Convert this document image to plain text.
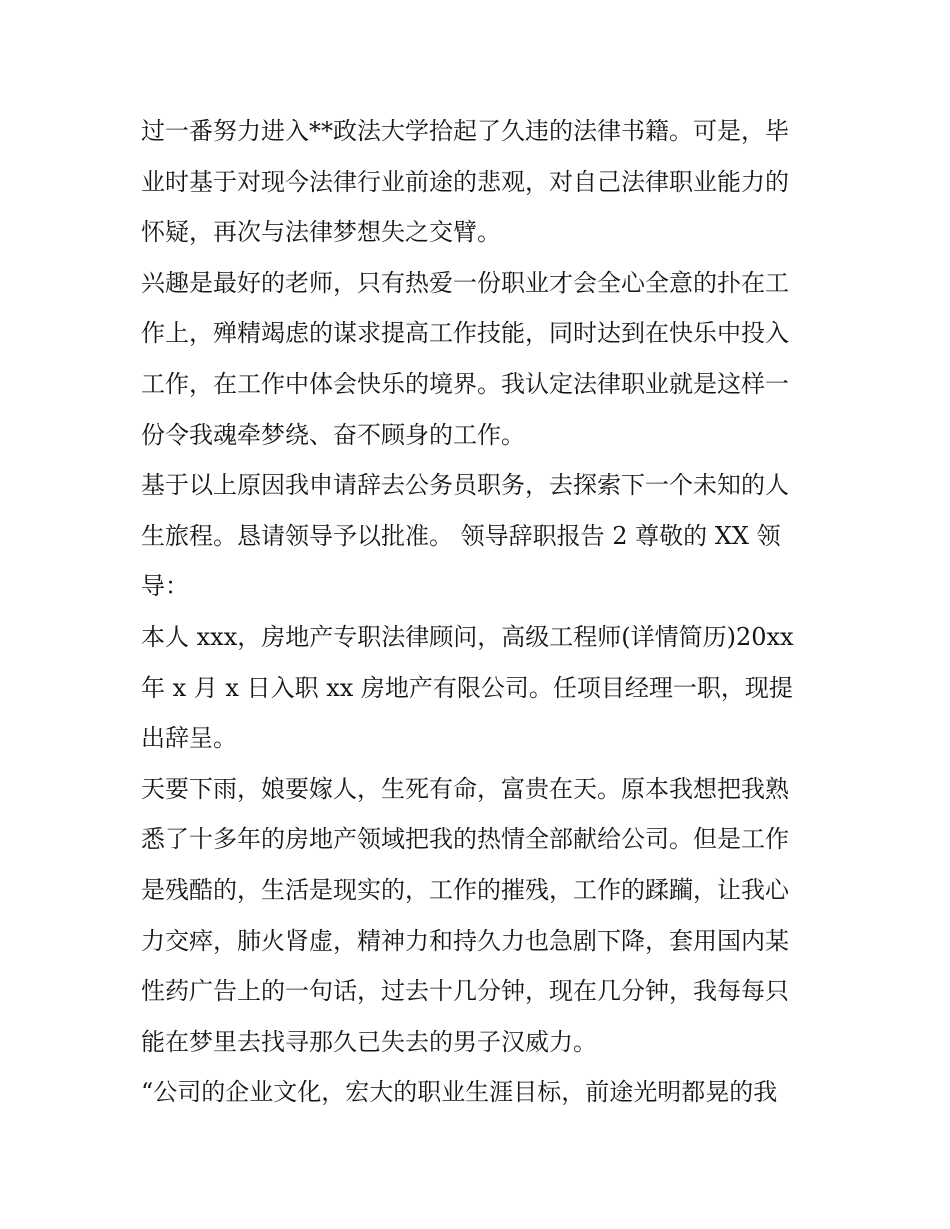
过一番努力进入**政法大学拾起了久违的法律书籍。可是，毕
业时基于对现今法律行业前途的悲观，对自己法律职业能力的
怀疑，再次与法律梦想失之交臂。
兴趣是最好的老师，只有热爱一份职业才会全心全意的扑在工
作上，殚精竭虑的谋求提高工作技能，同时达到在快乐中投入
工作，在工作中体会快乐的境界。我认定法律职业就是这样一
份令我魂牵梦绕、奋不顾身的工作。
基于以上原因我申请辞去公务员职务，去探索下一个未知的人
生旅程。恳请领导予以批准。 领导辞职报告 2 尊敬的 XX 领
导：
本人 xxx，房地产专职法律顾问，高级工程师(详情简历)20xx
年 x 月 x 日入职 xx 房地产有限公司。任项目经理一职，现提
出辞呈。
天要下雨，娘要嫁人，生死有命，富贵在天。原本我想把我熟
悉了十多年的房地产领域把我的热情全部献给公司。但是工作
是残酷的，生活是现实的，工作的摧残，工作的蹂躏，让我心
力交瘁，肺火肾虚，精神力和持久力也急剧下降，套用国内某
性药广告上的一句话，过去十几分钟，现在几分钟，我每每只
能在梦里去找寻那久已失去的男子汉威力。
“公司的企业文化，宏大的职业生涯目标，前途光明都晃的我
